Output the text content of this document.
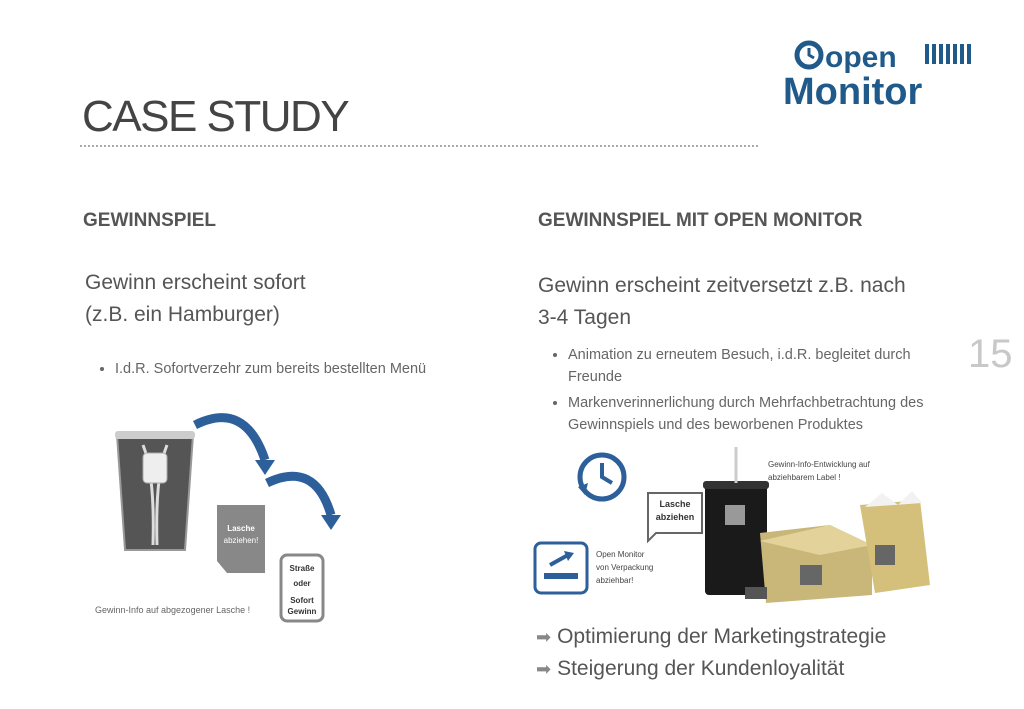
CASE STUDY
open
Monitor
15
GEWINNSPIEL
Gewinn erscheint sofort
(z.B. ein Hamburger)
• I.d.R. Sofortverzehr zum bereits bestellten Menü
Lasche
abziehen!
Straße
oder
Sofort
Gewinn
Gewinn-Info auf abgezogener Lasche !
GEWINNSPIEL MIT OPEN MONITOR
Gewinn erscheint zeitversetzt z.B. nach
3-4 Tagen
• Animation zu erneutem Besuch, i.d.R. begleitet durch Freunde
• Markenverinnerlichung durch Mehrfachbetrachtung des Gewinnspiels und des beworbenen Produktes
Lasche
abziehen
Open Monitor
von Verpackung
abziehbar!
Gewinn-Info-Entwicklung auf
abziehbarem Label !
➡ Optimierung der Marketingstrategie
➡ Steigerung der Kundenloyalität
